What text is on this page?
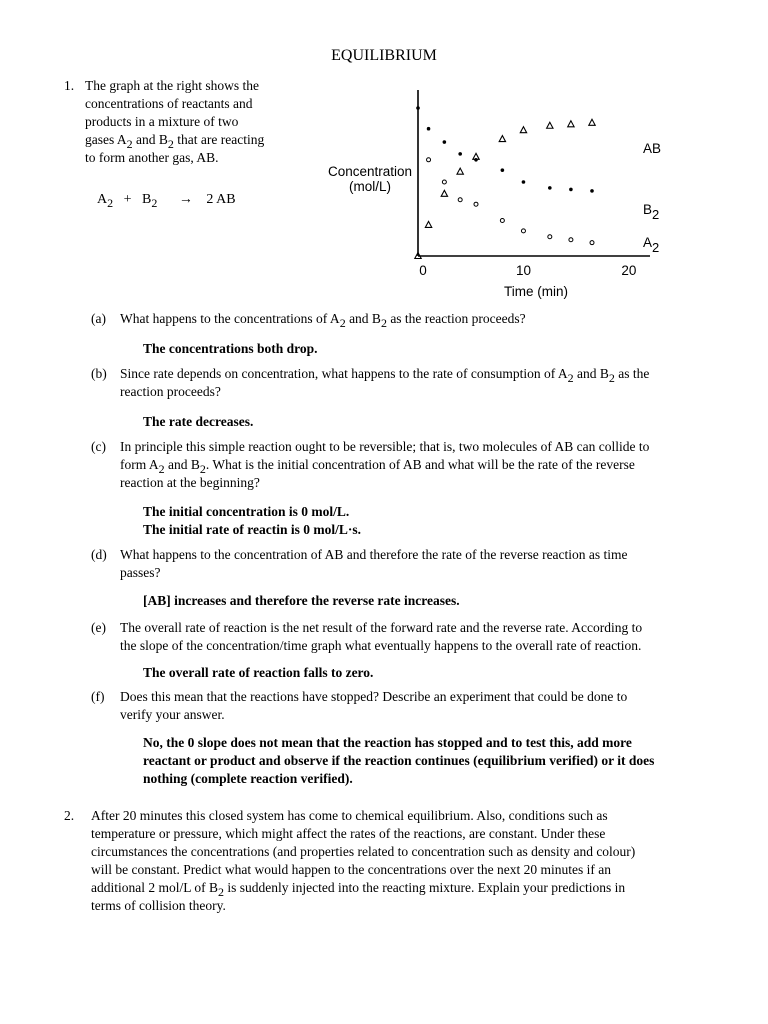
EQUILIBRIUM
1. The graph at the right shows the
concentrations of reactants and
products in a mixture of two
gases A2 and B2 that are reacting
to form another gas, AB.
A2 + B2 → 2 AB
Concentration
(mol/L)
0	10	20
Time (min)
AB
B2
A2
(a) What happens to the concentrations of A2 and B2 as the reaction proceeds?
The concentrations both drop.
(b) Since rate depends on concentration, what happens to the rate of consumption of A2 and B2 as the
reaction proceeds?
The rate decreases.
(c) In principle this simple reaction ought to be reversible; that is, two molecules of AB can collide to
form A2 and B2. What is the initial concentration of AB and what will be the rate of the reverse
reaction at the beginning?
The initial concentration is 0 mol/L.
The initial rate of reactin is 0 mol/L·s.
(d) What happens to the concentration of AB and therefore the rate of the reverse reaction as time
passes?
[AB] increases and therefore the reverse rate increases.
(e) The overall rate of reaction is the net result of the forward rate and the reverse rate. According to
the slope of the concentration/time graph what eventually happens to the overall rate of reaction.
The overall rate of reaction falls to zero.
(f) Does this mean that the reactions have stopped? Describe an experiment that could be done to
verify your answer.
No, the 0 slope does not mean that the reaction has stopped and to test this, add more
reactant or product and observe if the reaction continues (equilibrium verified) or it does
nothing (complete reaction verified).
2. After 20 minutes this closed system has come to chemical equilibrium. Also, conditions such as
temperature or pressure, which might affect the rates of the reactions, are constant. Under these
circumstances the concentrations (and properties related to concentration such as density and colour)
will be constant. Predict what would happen to the concentrations over the next 20 minutes if an
additional 2 mol/L of B2 is suddenly injected into the reacting mixture. Explain your predictions in
terms of collision theory.
